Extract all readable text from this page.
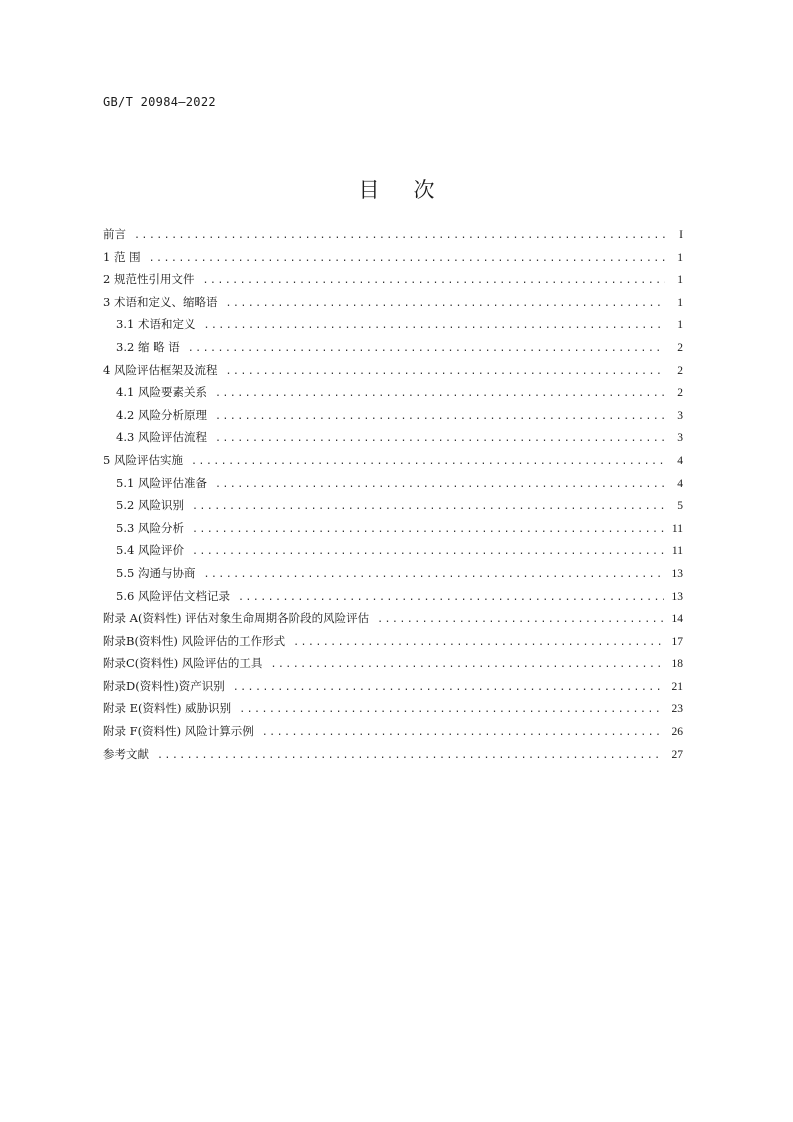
GB/T 20984—2022
目次
前言 .....	I
1 范 围 .....	1
2 规范性引用文件 .....	1
3 术语和定义、缩略语 .....	1
3.1 术语和定义 .....	1
3.2 缩 略 语 .....	2
4 风险评估框架及流程 .....	2
4.1 风险要素关系 .....	2
4.2 风险分析原理 .....	3
4.3 风险评估流程 .....	3
5 风险评估实施 .....	4
5.1 风险评估准备 .....	4
5.2 风险识别 .....	5
5.3 风险分析 .....	11
5.4 风险评价 .....	11
5.5 沟通与协商 .....	13
5.6 风险评估文档记录 .....	13
附录 A(资料性) 评估对象生命周期各阶段的风险评估 .....	14
附录B(资料性) 风险评估的工作形式 .....	17
附录C(资料性) 风险评估的工具 .....	18
附录D(资料性)资产识别 .....	21
附录 E(资料性) 威胁识别 .....	23
附录 F(资料性) 风险计算示例 .....	26
参考文献 .....	27
